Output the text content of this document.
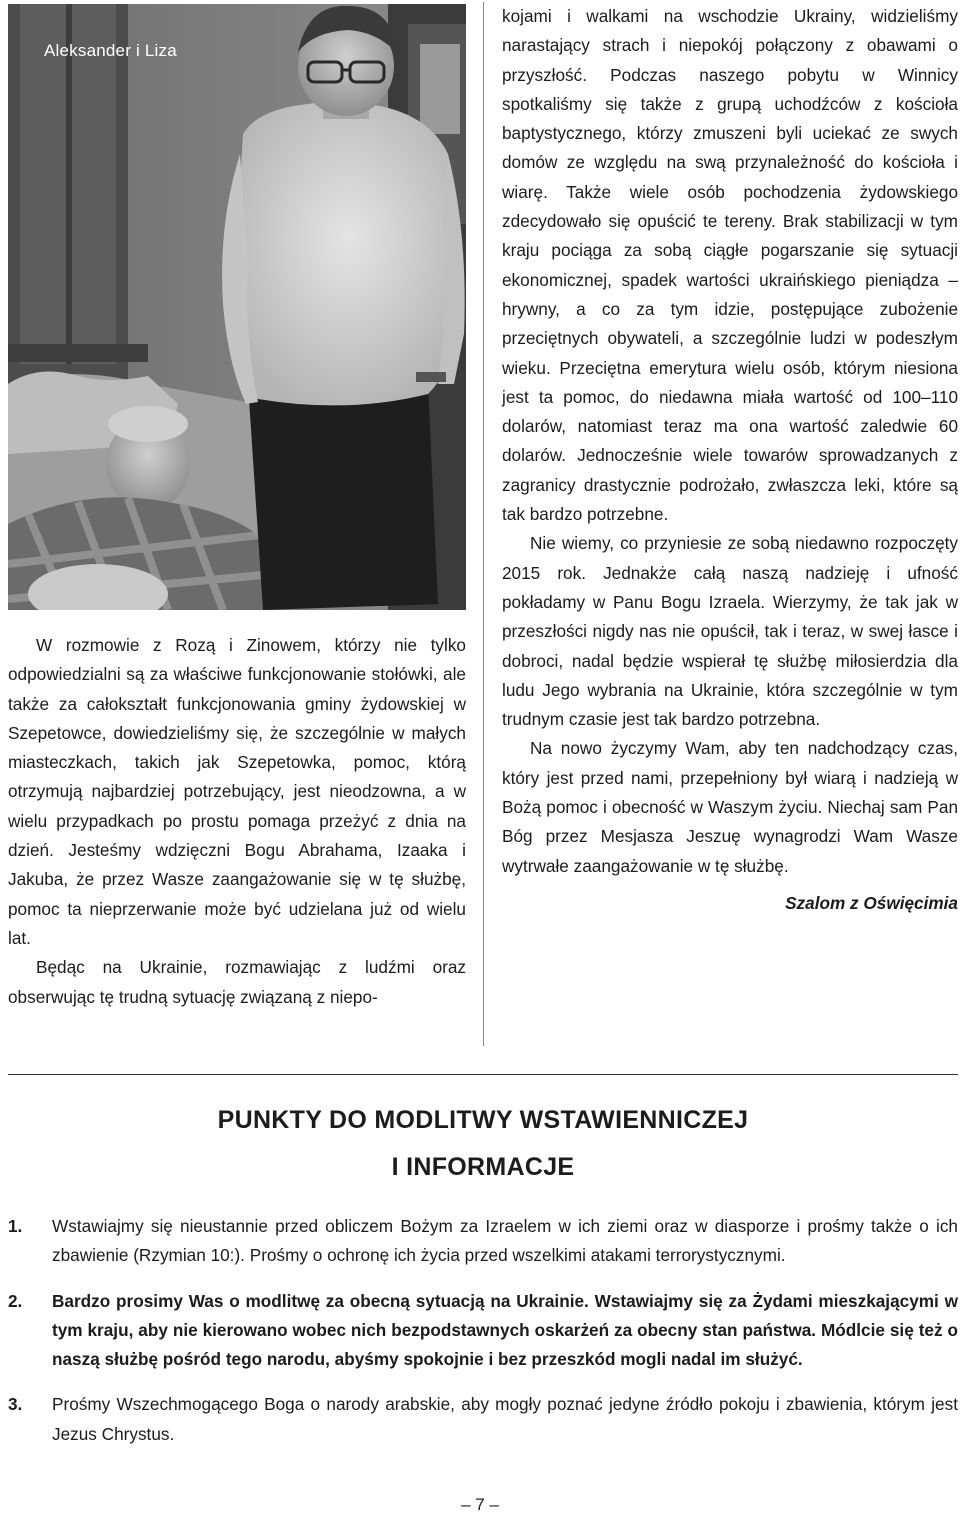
Aleksander i Liza

W rozmowie z Rozą i Zinowem, którzy nie tylko odpowiedzialni są za właściwe funkcjonowanie stołówki, ale także za całokształt funkcjonowania gminy żydowskiej w Szepetowce, dowiedzieliśmy się, że szczególnie w małych miasteczkach, takich jak Szepetowka, pomoc, którą otrzymują najbardziej potrzebujący, jest nieodzowna, a w wielu przypadkach po prostu pomaga przeżyć z dnia na dzień. Jesteśmy wdzięczni Bogu Abrahama, Izaaka i Jakuba, że przez Wasze zaangażowanie się w tę służbę, pomoc ta nieprzerwanie może być udzielana już od wielu lat.

Będąc na Ukrainie, rozmawiając z ludźmi oraz obserwując tę trudną sytuację związaną z niepo-

kojami i walkami na wschodzie Ukrainy, widzieliśmy narastający strach i niepokój połączony z obawami o przyszłość. Podczas naszego pobytu w Winnicy spotkaliśmy się także z grupą uchodźców z kościoła baptystycznego, którzy zmuszeni byli uciekać ze swych domów ze względu na swą przynależność do kościoła i wiarę. Także wiele osób pochodzenia żydowskiego zdecydowało się opuścić te tereny. Brak stabilizacji w tym kraju pociąga za sobą ciągłe pogarszanie się sytuacji ekonomicznej, spadek wartości ukraińskiego pieniądza – hrywny, a co za tym idzie, postępujące zubożenie przeciętnych obywateli, a szczególnie ludzi w podeszłym wieku. Przeciętna emerytura wielu osób, którym niesiona jest ta pomoc, do niedawna miała wartość od 100–110 dolarów, natomiast teraz ma ona wartość zaledwie 60 dolarów. Jednocześnie wiele towarów sprowadzanych z zagranicy drastycznie podrożało, zwłaszcza leki, które są tak bardzo potrzebne.

Nie wiemy, co przyniesie ze sobą niedawno rozpoczęty 2015 rok. Jednakże całą naszą nadzieję i ufność pokładamy w Panu Bogu Izraela. Wierzymy, że tak jak w przeszłości nigdy nas nie opuścił, tak i teraz, w swej łasce i dobroci, nadal będzie wspierał tę służbę miłosierdzia dla ludu Jego wybrania na Ukrainie, która szczególnie w tym trudnym czasie jest tak bardzo potrzebna.

Na nowo życzymy Wam, aby ten nadchodzący czas, który jest przed nami, przepełniony był wiarą i nadzieją w Bożą pomoc i obecność w Waszym życiu. Niechaj sam Pan Bóg przez Mesjasza Jeszuę wynagrodzi Wam Wasze wytrwałe zaangażowanie w tę służbę.

Szalom z Oświęcimia
PUNKTY DO MODLITWY WSTAWIENNICZEJ
I INFORMACJE
1. Wstawiajmy się nieustannie przed obliczem Bożym za Izraelem w ich ziemi oraz w diasporze i prośmy także o ich zbawienie (Rzymian 10:). Prośmy o ochronę ich życia przed wszelkimi atakami terrorystycznymi.
2. Bardzo prosimy Was o modlitwę za obecną sytuacją na Ukrainie. Wstawiajmy się za Żydami mieszkającymi w tym kraju, aby nie kierowano wobec nich bezpodstawnych oskarżeń za obecny stan państwa. Módlcie się też o naszą służbę pośród tego narodu, abyśmy spokojnie i bez przeszkód mogli nadal im służyć.
3. Prośmy Wszechmogącego Boga o narody arabskie, aby mogły poznać jedyne źródło pokoju i zbawienia, którym jest Jezus Chrystus.
– 7 –
